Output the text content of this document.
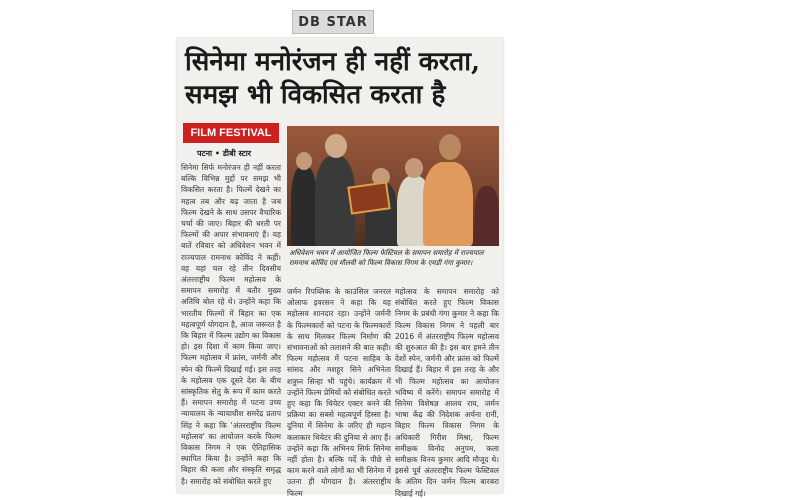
DB STAR
सिनेमा मनोरंजन ही नहीं करता,
समझ भी विकसित करता है
FILM FESTIVAL
पटना • डीबी स्टार
सिनेमा सिर्फ मनोरंजन ही नहीं करता बल्कि विभिन्न मुद्दों पर समझ भी विकसित करता है। फिल्में देखने का महत्व तब और बढ़ जाता है जब फिल्म देखने के साथ उसपर वैचारिक चर्चा की जाए। बिहार की धरती पर फिल्मों की अपार संभावनाएं हैं। यह बातें रविवार को अधिवेशन भवन में राज्यपाल रामनाथ कोविंद ने कहीं। वह यहां चल रहे तीन दिवसीय अंतरराष्ट्रीय फिल्म महोत्सव के समापन समारोह में बतौर मुख्य अतिथि बोल रहे थे। उन्होंने कहा कि भारतीय फिल्मों में बिहार का एक महत्वपूर्ण योगदान है, आज जरूरत है कि बिहार में फिल्म उद्योग का विकास हो। इस दिशा में काम किया जाए। फिल्म महोत्सव में फ्रांस, जर्मनी और स्पेन की फिल्में दिखाई गईं। इस तरह के महोत्सव एक दूसरे देश के बीच सांस्कृतिक सेतु के रूप में काम करते हैं। समापन समारोह में पटना उच्च न्यायालय के न्यायाधीश समरेंद्र प्रताप सिंह ने कहा कि 'अंतरराष्ट्रीय फिल्म महोत्सव' का आयोजन करके फिल्म विकास निगम ने एक ऐतिहासिक स्थापित किया है। उन्होंने कहा कि बिहार की कला और संस्कृति समृद्ध है। समारोह को संबोधित करते हुए
अधिवेशन भवन में आयोजित फिल्म फेस्टिवल के समापन समारोह में राज्यपाल रामनाथ कोविंद एवं मौलवी को फिल्म विकास निगम के एमडी गंगा कुमार।
जर्मन रिपब्लिक के काउंसिल जनरल ओलाफ इवरसन ने कहा कि यह महोत्सव शानदार रहा। उन्होंने जर्मनी के फिल्मकारों को पटना के फिल्मकारों के साथ मिलकर फिल्म निर्माण की संभावनाओं को तलाशने की बात कही। फिल्म महोत्सव में पटना साहिब के सांसद और मशहूर सिने अभिनेता शत्रुघ्न सिन्हा भी पहुंचे। कार्यक्रम में उन्होंने फिल्म प्रेमियों को संबोधित करते हुए कहा कि थियेटर एक्टर बनने की प्रक्रिया का सबसे महत्वपूर्ण हिस्सा है। दुनिया में सिनेमा के जरिए ही महान कलाकार थियेटर की दुनिया से आए हैं। उन्होंने कहा कि अभिनय सिर्फ सिनेमा नहीं होता है। बल्कि पर्दे के पीछे से काम करने वाले लोगों का भी सिनेमा में उतना ही योगदान है। अंतरराष्ट्रीय फिल्म
महोत्सव के समापन समारोह को संबोधित करते हुए फिल्म विकास निगम के प्रबंधी गंगा कुमार ने कहा कि फिल्म विकास निगम ने पहली बार 2016 में अंतरराष्ट्रीय फिल्म महोत्सव की शुरुआत की है। इस बार हमने तीन देशों स्पेन, जर्मनी और फ्रांस को फिल्में दिखाई हैं। बिहार में इस तरह के और भी फिल्म महोत्सव का आयोजन भविष्य में करेंगे। समापन समारोह में सिनेमा विशेषज्ञ आलय राय, जर्मन भाषा केंद्र की निदेशक अर्चना रानी, बिहार फिल्म विकास निगम के अधिकारी गिरीश मिश्रा, फिल्म समीक्षक विनोद अनुपम, कला समीक्षक विनय कुमार आदि मौजूद थे। इससे पूर्व अंतरराष्ट्रीय फिल्म फेस्टिवल के अंतिम दिन जर्मन फिल्म बारबरा दिखाई गई।
